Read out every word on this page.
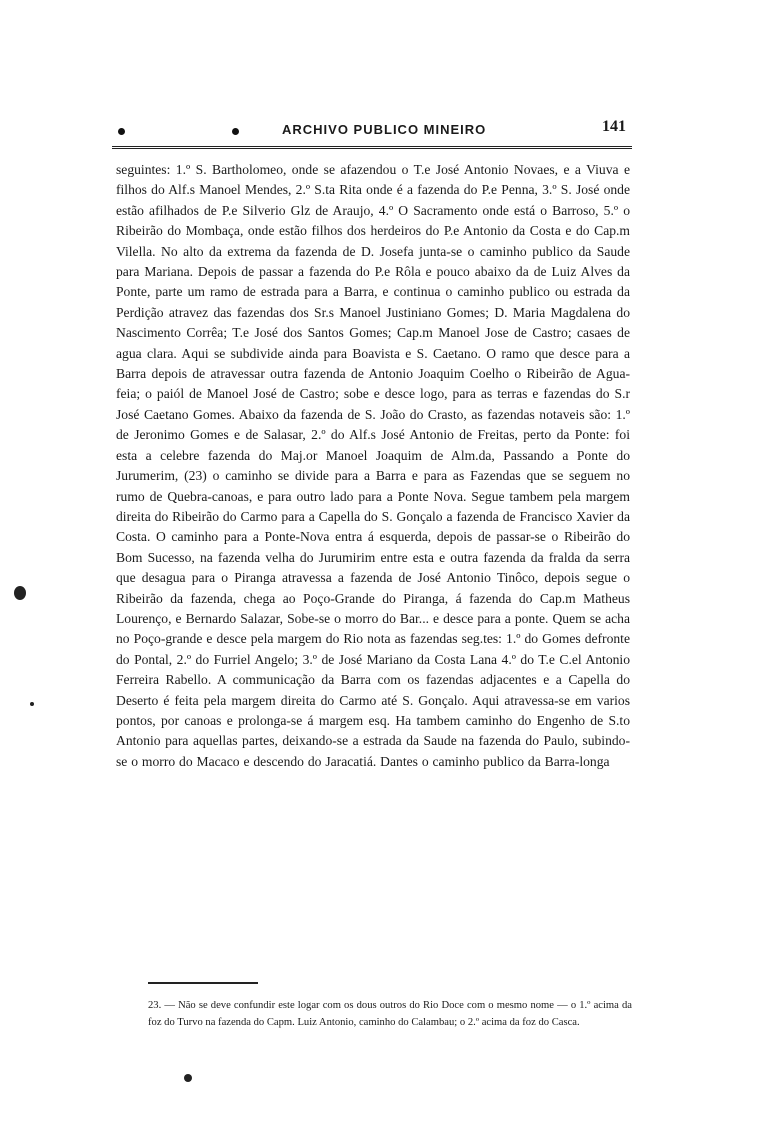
ARCHIVO PUBLICO MINEIRO	141

seguintes: 1.º S. Bartholomeo, onde se afazendou o T.e José Antonio Novaes, e a Viuva e filhos do Alf.s Manoel Mendes, 2.º S.ta Rita onde é a fazenda do P.e Penna, 3.º S. José onde estão afilhados de P.e Silverio Glz de Araujo, 4.º O Sacramento onde está o Barroso, 5.º o Ribeirão do Mombaça, onde estão filhos dos herdeiros do P.e Antonio da Costa e do Cap.m Vilella. No alto da extrema da fazenda de D. Josefa junta-se o caminho publico da Saude para Mariana. Depois de passar a fazenda do P.e Rôla e pouco abaixo da de Luiz Alves da Ponte, parte um ramo de estrada para a Barra, e continua o caminho publico ou estrada da Perdição atravez das fazendas dos Sr.s Manoel Justiniano Gomes; D. Maria Magdalena do Nascimento Corrêa; T.e José dos Santos Gomes; Cap.m Manoel Jose de Castro; casaes de agua clara. Aqui se subdivide ainda para Boavista e S. Caetano. O ramo que desce para a Barra depois de atravessar outra fazenda de Antonio Joaquim Coelho o Ribeirão de Agua-feia; o paiól de Manoel José de Castro; sobe e desce logo, para as terras e fazendas do S.r José Caetano Gomes. Abaixo da fazenda de S. João do Crasto, as fazendas notaveis são: 1.º de Jeronimo Gomes e de Salasar, 2.º do Alf.s José Antonio de Freitas, perto da Ponte: foi esta a celebre fazenda do Maj.or Manoel Joaquim de Alm.da, Passando a Ponte do Jurumerim, (23) o caminho se divide para a Barra e para as Fazendas que se seguem no rumo de Quebra-canoas, e para outro lado para a Ponte Nova. Segue tambem pela margem direita do Ribeirão do Carmo para a Capella do S. Gonçalo a fazenda de Francisco Xavier da Costa. O caminho para a Ponte-Nova entra á esquerda, depois de passar-se o Ribeirão do Bom Sucesso, na fazenda velha do Jurumirim entre esta e outra fazenda da fralda da serra que desagua para o Piranga atravessa a fazenda de José Antonio Tinôco, depois segue o Ribeirão da fazenda, chega ao Poço-Grande do Piranga, á fazenda do Cap.m Matheus Lourenço, e Bernardo Salazar, Sobe-se o morro do Bar... e desce para a ponte. Quem se acha no Poço-grande e desce pela margem do Rio nota as fazendas seg.tes: 1.º do Gomes defronte do Pontal, 2.º do Furriel Angelo; 3.º de José Mariano da Costa Lana 4.º do T.e C.el Antonio Ferreira Rabello. A communicação da Barra com os fazendas adjacentes e a Capella do Deserto é feita pela margem direita do Carmo até S. Gonçalo. Aqui atravessa-se em varios pontos, por canoas e prolonga-se á margem esq. Ha tambem caminho do Engenho de S.to Antonio para aquellas partes, deixando-se a estrada da Saude na fazenda do Paulo, subindo-se o morro do Macaco e descendo do Jaracatiá. Dantes o caminho publico da Barra-longa

23. — Não se deve confundir este logar com os dous outros do Rio Doce com o mesmo nome — o 1.º acima da foz do Turvo na fazenda do Capm. Luiz Antonio, caminho do Calambau; o 2.º acima da foz do Casca.
